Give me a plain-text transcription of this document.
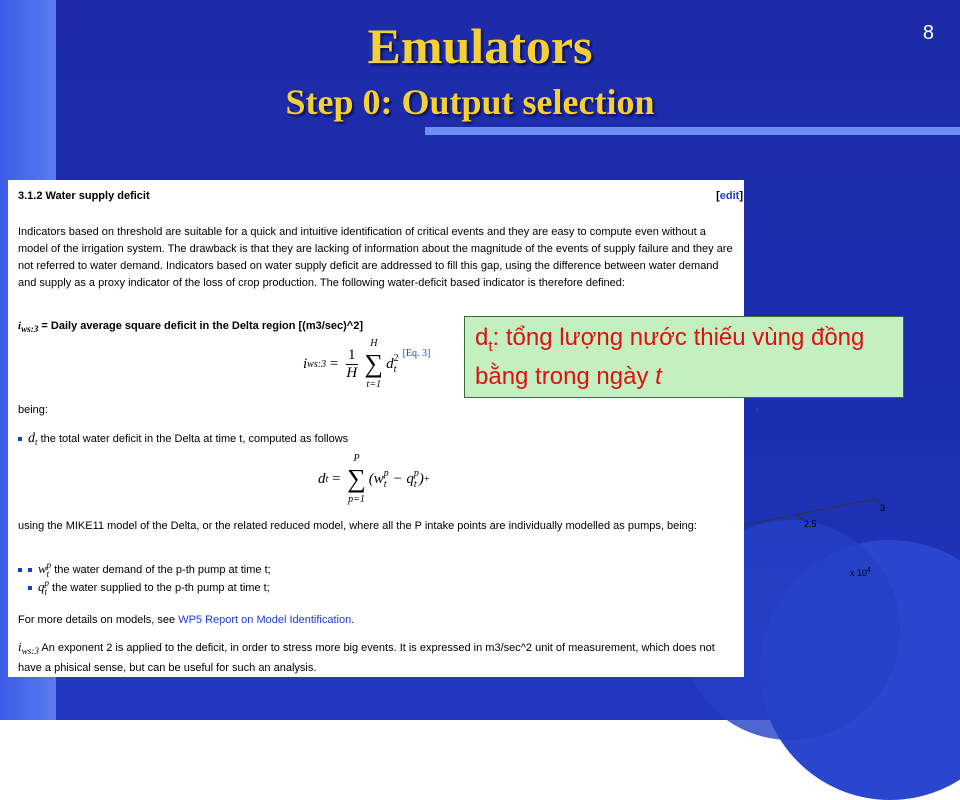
Emulators
Step 0: Output selection
8
3.1.2 Water supply deficit	[edit]
Indicators based on threshold are suitable for a quick and intuitive identification of critical events and they are easy to compute even without a model of the irrigation system. The drawback is that they are lacking of information about the magnitude of the events of supply failure and they are not referred to water demand. Indicators based on water supply deficit are addressed to fill this gap, using the difference between water demand and supply as a proxy indicator of the loss of crop production. The following water-deficit based indicator is therefore defined:
$i_{ws:3}$ = Daily average square deficit in the Delta region [(m3/sec)^2]
i ws:3 = $\frac{1}{H}$
H
∑
t=1
d 2
t
[Eq. 3]
being:
$d_t$ the total water deficit in the Delta at time t, computed as follows
d t =
P
∑
p=1
(w p
t − q p
t ) +
using the MIKE11 model of the Delta, or the related reduced model, where all the P intake points are individually modelled as pumps, being:
w p
t the water demand of the p-th pump at time t;
q p
t the water supplied to the p-th pump at time t;
For more details on models, see WP5 Report on Model Identification.
$i_{ws:3}$ An exponent 2 is applied to the deficit, in order to stress more big events. It is expressed in m3/sec^2 unit of measurement, which does not have a phisical sense, but can be useful for such an analysis.
$d_t$: tổng lượng nước thiếu vùng đồng bằng trong ngày t
3
2.5
x $10^4$
